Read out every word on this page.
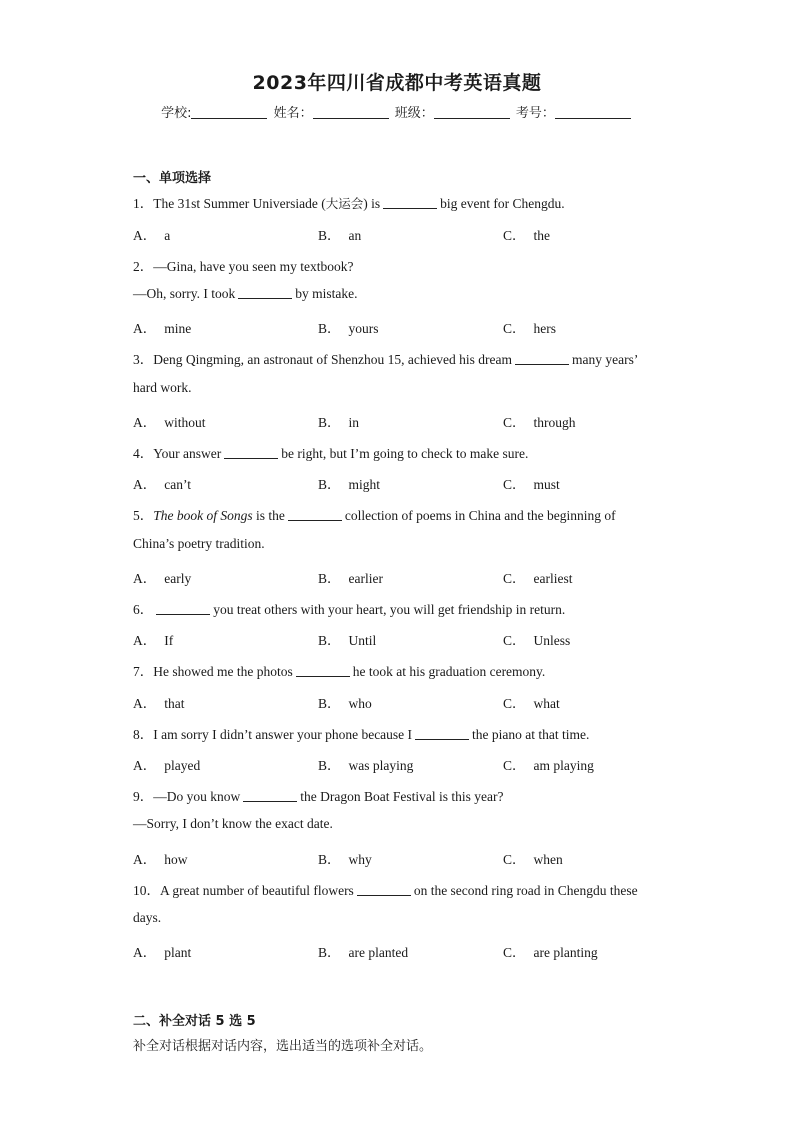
2023年四川省成都中考英语真题
学校:	姓名：	班级：	考号：
一、单项选择
1．The 31st Summer Universiade (大运会) is	big event for Chengdu.
A． a	B． an	C． the
2．—Gina, have you seen my textbook?
—Oh, sorry. I took	by mistake.
A． mine	B． yours	C． hers
3．Deng Qingming, an astronaut of Shenzhou 15, achieved his dream	many years’
hard work.
A． without	B． in	C． through
4．Your answer	be right, but I’m going to check to make sure.
A． can’t	B． might	C． must
5．The book of Songs is the	collection of poems in China and the beginning of
China’s poetry tradition.
A． early	B． earlier	C． earliest
6．	you treat others with your heart, you will get friendship in return.
A． If	B． Until	C． Unless
7．He showed me the photos	he took at his graduation ceremony.
A． that	B． who	C． what
8．I am sorry I didn’t answer your phone because I	the piano at that time.
A． played	B． was playing	C． am playing
9．—Do you know	the Dragon Boat Festival is this year?
—Sorry, I don’t know the exact date.
A． how	B． why	C． when
10．A great number of beautiful flowers	on the second ring road in Chengdu these
days.
A． plant	B． are planted	C． are planting
二、补全对话 5 选 5
补全对话根据对话内容，选出适当的选项补全对话。
